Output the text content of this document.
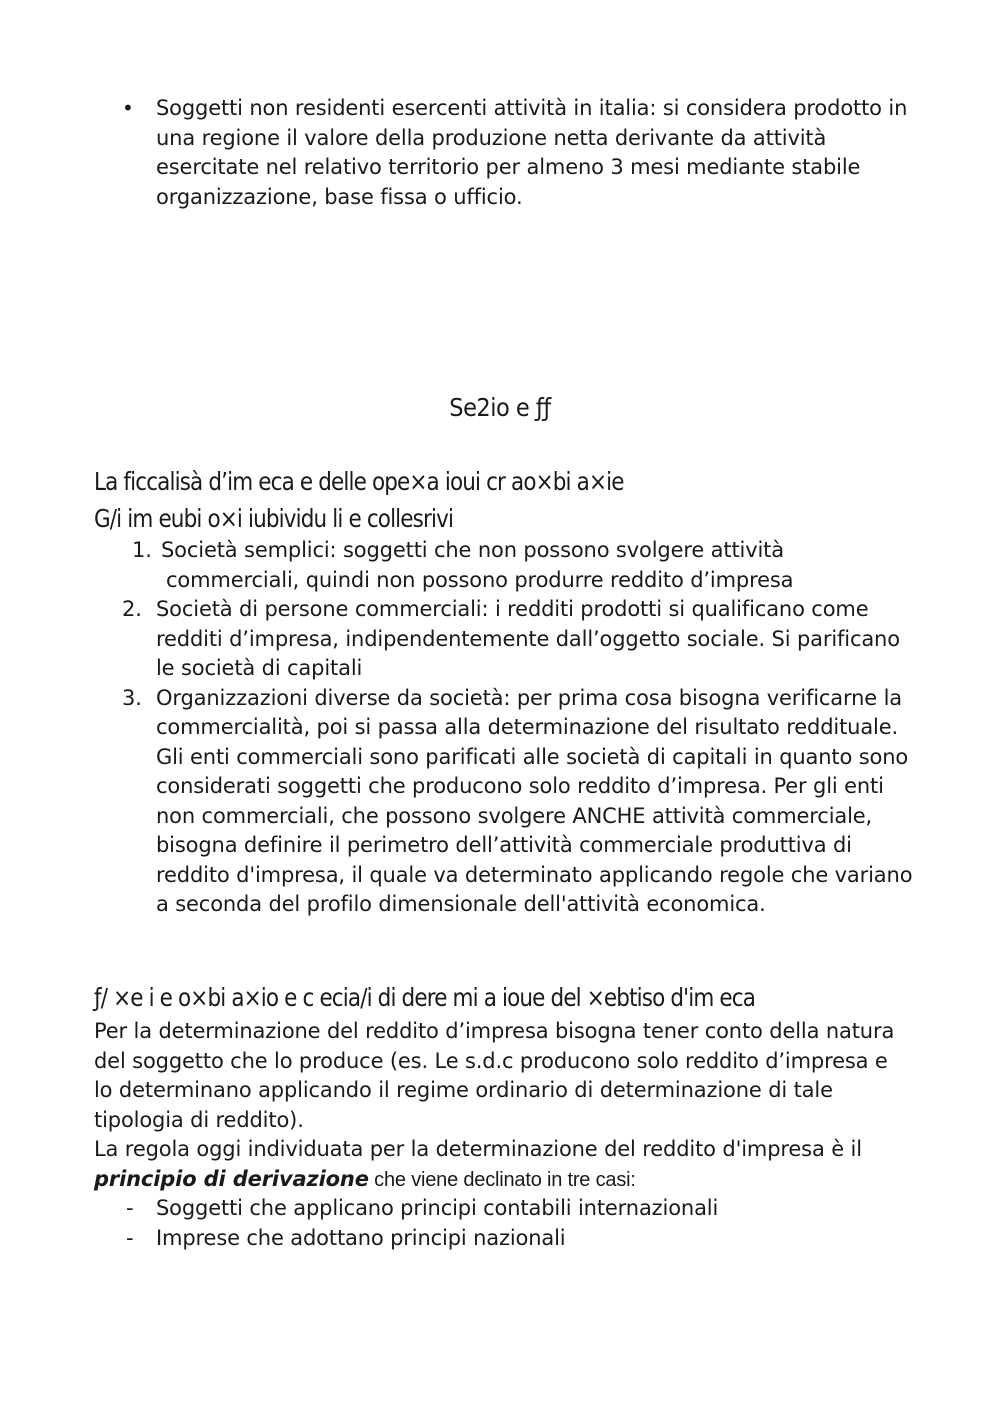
•	Soggetti non residenti esercenti attività in italia: si considera prodotto in una regione il valore della produzione netta derivante da attività esercitate nel relativo territorio per almeno 3 mesi mediante stabile organizzazione, base fissa o ufficio.
Se2io e ƒƒ
La ficcalisà d’im eca e delle ope×a ioui cr ao×bi a×ie
G/i im eubi o×i iubividu li e collesrivi
1. Società semplici: soggetti che non possono svolgere attività
commerciali, quindi non possono produrre reddito d’impresa
2. Società di persone commerciali: i redditi prodotti si qualificano come redditi d’impresa, indipendentemente dall’oggetto sociale. Si parificano le società di capitali
3. Organizzazioni diverse da società: per prima cosa bisogna verificarne la commercialità, poi si passa alla determinazione del risultato reddituale. Gli enti commerciali sono parificati alle società di capitali in quanto sono considerati soggetti che producono solo reddito d’impresa. Per gli enti non commerciali, che possono svolgere ANCHE attività commerciale, bisogna definire il perimetro dell’attività commerciale produttiva di reddito d'impresa, il quale va determinato applicando regole che variano a seconda del profilo dimensionale dell'attività economica.
ƒ/ ×e i e o×bi a×io e c ecia/i di dere mi a ioue del ×ebtiso d'im eca

Per la determinazione del reddito d’impresa bisogna tener conto della natura del soggetto che lo produce (es. Le s.d.c producono solo reddito d’impresa e lo determinano applicando il regime ordinario di determinazione di tale tipologia di reddito).

La regola oggi individuata per la determinazione del reddito d'impresa è il principio di derivazione che viene declinato in tre casi:

- Soggetti che applicano principi contabili internazionali
- Imprese che adottano principi nazionali
